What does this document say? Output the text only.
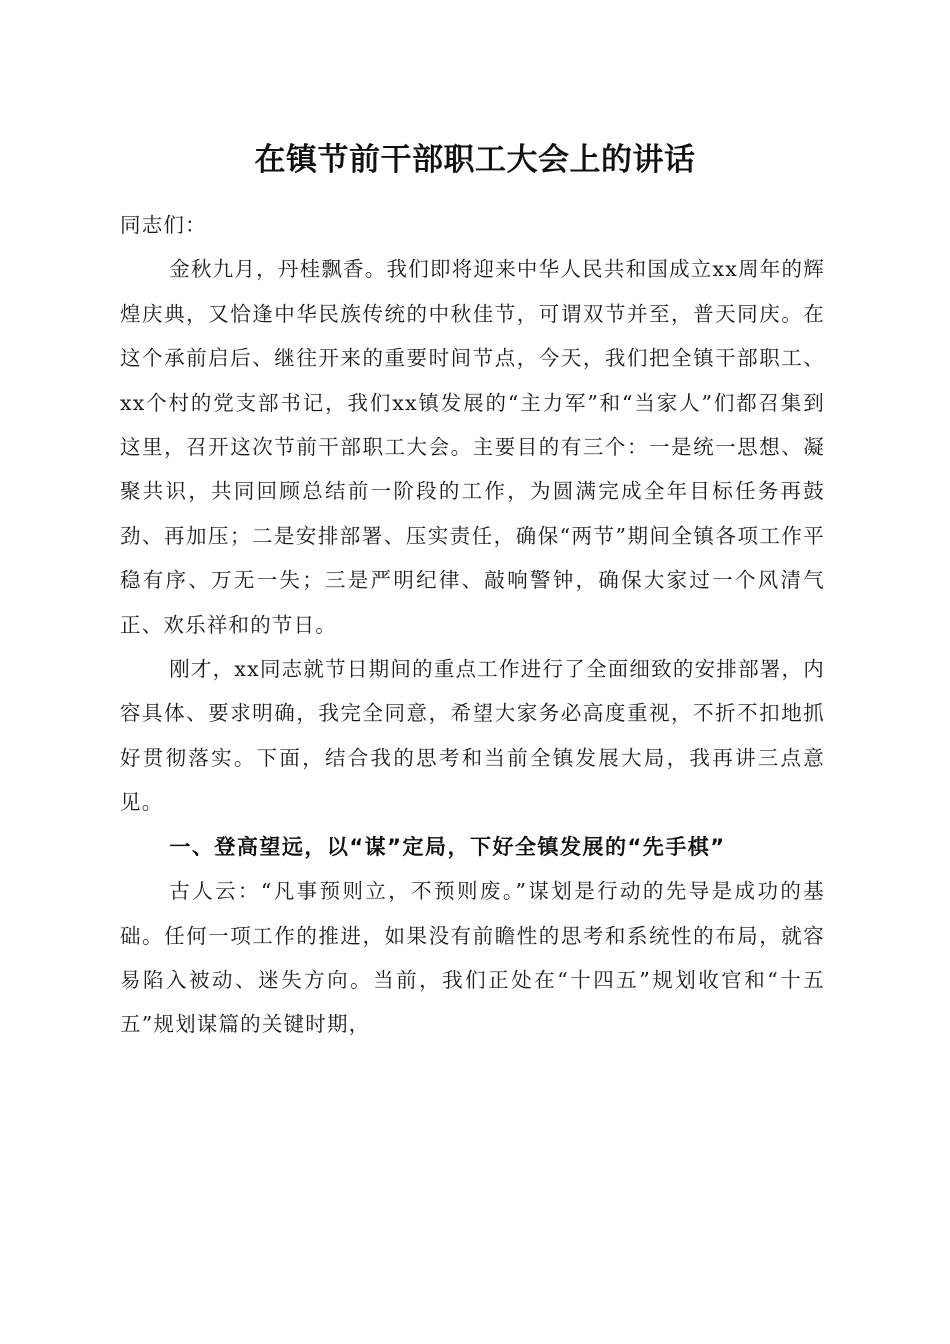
在镇节前干部职工大会上的讲话

同志们：

金秋九月，丹桂飘香。我们即将迎来中华人民共和国成立xx周年的辉煌庆典，又恰逢中华民族传统的中秋佳节，可谓双节并至，普天同庆。在这个承前启后、继往开来的重要时间节点，今天，我们把全镇干部职工、xx个村的党支部书记，我们xx镇发展的“主力军”和“当家人”们都召集到这里，召开这次节前干部职工大会。主要目的有三个：一是统一思想、凝聚共识，共同回顾总结前一阶段的工作，为圆满完成全年目标任务再鼓劲、再加压；二是安排部署、压实责任，确保“两节”期间全镇各项工作平稳有序、万无一失；三是严明纪律、敲响警钟，确保大家过一个风清气正、欢乐祥和的节日。

刚才，xx同志就节日期间的重点工作进行了全面细致的安排部署，内容具体、要求明确，我完全同意，希望大家务必高度重视，不折不扣地抓好贯彻落实。下面，结合我的思考和当前全镇发展大局，我再讲三点意见。

一、登高望远，以“谋”定局，下好全镇发展的“先手棋”

古人云：“凡事预则立，不预则废。”谋划是行动的先导是成功的基础。任何一项工作的推进，如果没有前瞻性的思考和系统性的布局，就容易陷入被动、迷失方向。当前，我们正处在“十四五”规划收官和“十五五”规划谋篇的关键时期，
